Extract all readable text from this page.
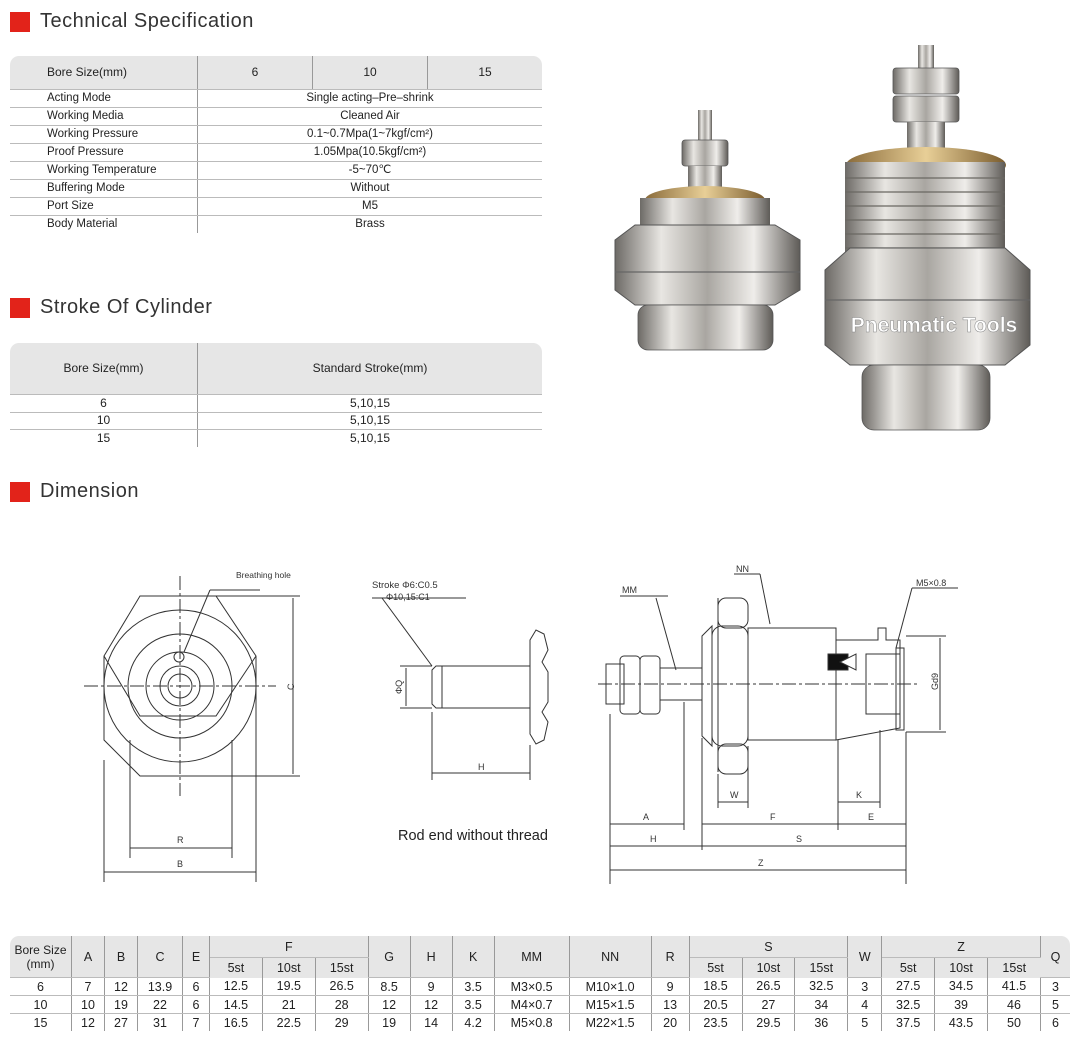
Technical Specification
Stroke Of Cylinder
Dimension
Bore Size(mm)	6	10	15
Acting Mode	Single acting–Pre–shrink		
Working Media	Cleaned Air		
Working Pressure	0.1~0.7Mpa(1~7kgf/cm²)		
Proof Pressure	1.05Mpa(10.5kgf/cm²)		
Working Temperature	-5~70℃		
Buffering Mode	Without		
Port Size	M5		
Body Material	Brass		
Bore Size(mm)	Standard Stroke(mm)
6	5,10,15
10	5,10,15
15	5,10,15
Pneumatic Tools
Breathing hole
C
R
B
Stroke Φ6:C0.5
Φ10,15:C1
ΦQ
H
Rod end without thread
MM
NN
M5×0.8
Gd9
W	K
A	F	E
H	S
Z
Bore Size (mm)	A	B	C	E	F			G	H	K	MM	NN	R	S			W	Z			Q
					5st	10st	15st							5st	10st	15st		5st	10st	15st	
6	7	12	13.9	6	12.5	19.5	26.5	8.5	9	3.5	M3×0.5	M10×1.0	9	18.5	26.5	32.5	3	27.5	34.5	41.5	3
10	10	19	22	6	14.5	21	28	12	12	3.5	M4×0.7	M15×1.5	13	20.5	27	34	4	32.5	39	46	5
15	12	27	31	7	16.5	22.5	29	19	14	4.2	M5×0.8	M22×1.5	20	23.5	29.5	36	5	37.5	43.5	50	6
